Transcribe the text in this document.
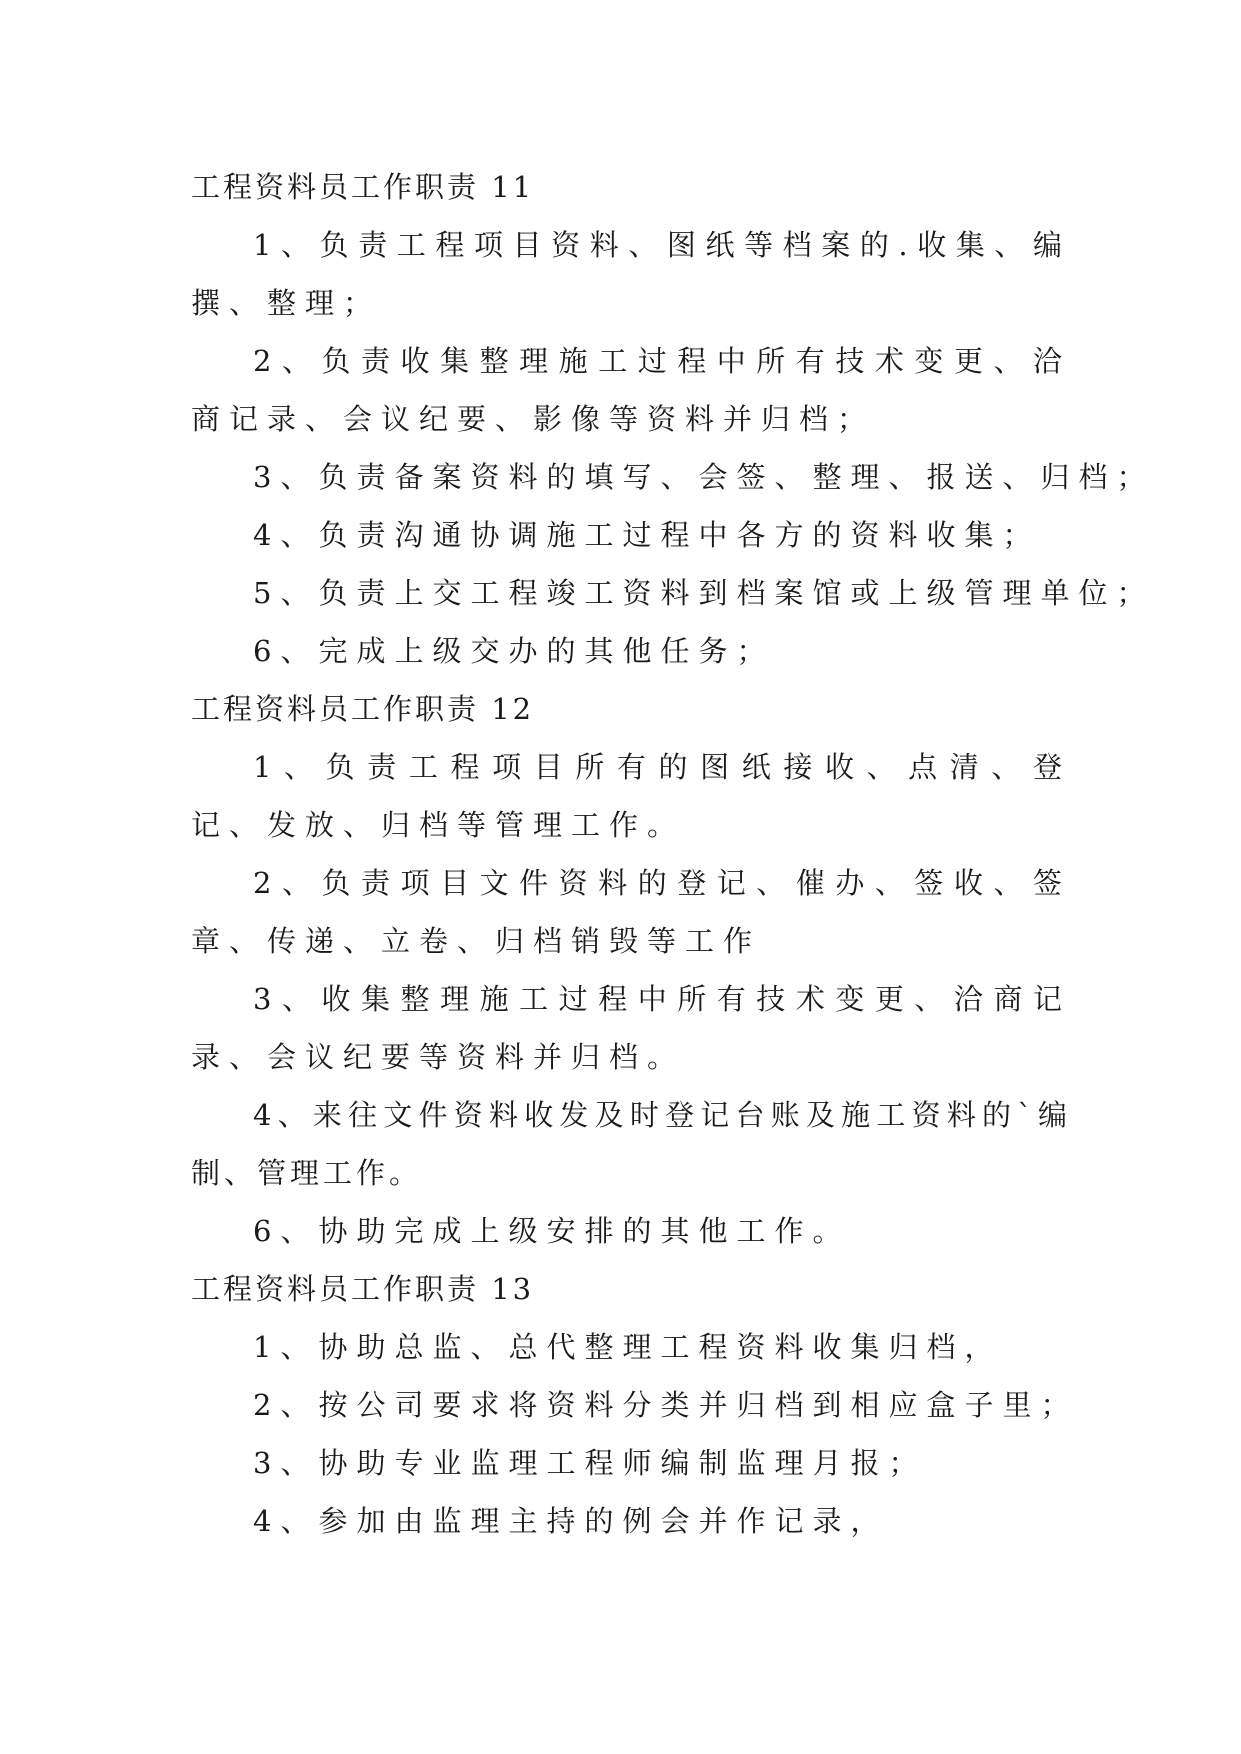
工程资料员工作职责 11

1、负责工程项目资料、图纸等档案的.收集、编撰、整理；

2、负责收集整理施工过程中所有技术变更、洽商记录、会议纪要、影像等资料并归档；

3、负责备案资料的填写、会签、整理、报送、归档；

4、负责沟通协调施工过程中各方的资料收集；

5、负责上交工程竣工资料到档案馆或上级管理单位；

6、完成上级交办的其他任务；

工程资料员工作职责 12

1、负责工程项目所有的图纸接收、点清、登记、发放、归档等管理工作。

2、负责项目文件资料的登记、催办、签收、签章、传递、立卷、归档销毁等工作

3、收集整理施工过程中所有技术变更、洽商记录、会议纪要等资料并归档。

4、来往文件资料收发及时登记台账及施工资料的`编制、管理工作。

6、协助完成上级安排的其他工作。

工程资料员工作职责 13

1、协助总监、总代整理工程资料收集归档，

2、按公司要求将资料分类并归档到相应盒子里；

3、协助专业监理工程师编制监理月报；

4、参加由监理主持的例会并作记录，
